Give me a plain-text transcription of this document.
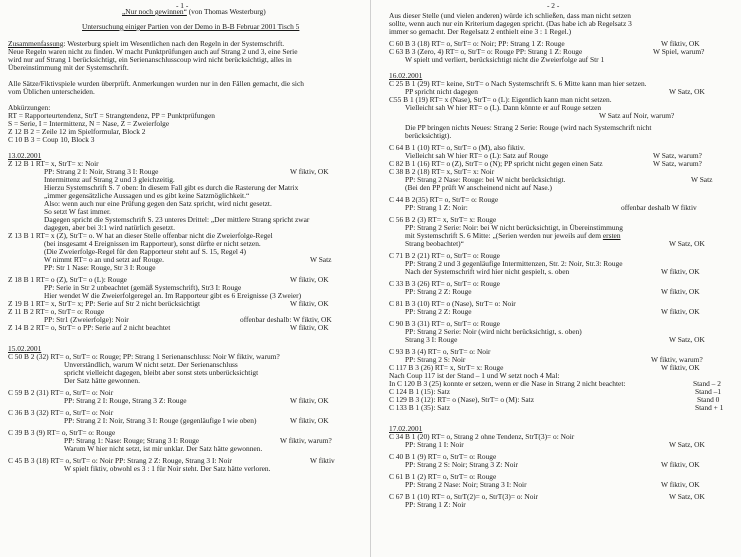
- 1 -
„Nur noch gewinnen“ (von Thomas Westerburg)
Untersuchung einiger Partien von der Demo in B-B Februar 2001 Tisch 5
Zusammenfassung: Westerburg spielt im Wesentlichen nach den Regeln in der Systemschrift.
Neue Regeln waren nicht zu finden. W macht Punktprüfungen auch auf Strang 2 und 3, eine Serie
wird nur auf Strang 1 berücksichtigt, ein Serienanschlusscoup wird nicht berücksichtigt, alles in
Übereinstimmung mit der Systemschrift.
Alle Sätze/Fiktivspiele wurden überprüft. Anmerkungen wurden nur in den Fällen gemacht, die sich
vom Üblichen unterscheiden.
Abkürzungen:
RT = Rapporteurtendenz, StrT = Strangtendenz, PP = Punktprüfungen
S = Serie, I = Intermittenz, N = Nase, Z = Zweierfolge
Z 12 B 2 = Zeile 12 im Spielformular, Block 2
C 10 B 3 = Coup 10, Block 3
13.02.2001
Z 12 B 1 RT= x, StrT= x: Noir
PP: Strang 2 I: Noir, Strang 3 I: Rouge	W fiktiv, OK
Intermittenz auf Strang 2 und 3 gleichzeitig.
Hierzu Systemschrift S. 7 oben: In diesem Fall gibt es durch die Rasterung der Matrix
„immer gegensätzliche Aussagen und es gibt keine Satzmöglichkeit.“
Also: wenn auch nur eine Prüfung gegen den Satz spricht, wird nicht gesetzt.
So setzt W fast immer.
Dagegen spricht die Systemschrift S. 23 unteres Drittel: „Der mittlere Strang spricht zwar
dagegen, aber bei 3:1 wird natürlich gesetzt.
Z 13 B 1 RT= x (Z), StrT= o. W hat an dieser Stelle offenbar nicht die Zweierfolge-Regel
(bei insgesamt 4 Ereignissen im Rapporteur), sonst dürfte er nicht setzen.
(Die Zweierfolge-Regel für den Rapporteur steht auf S. 15, Regel 4)
W nimmt RT= o an und setzt auf Rouge.	W Satz
PP: Str 1 Nase: Rouge, Str 3 I: Rouge
Z 18 B 1 RT= o (Z), StrT= o (L): Rouge	W fiktiv, OK
PP: Serie in Str 2 unbeachtet (gemäß Systemschrift), Str3 I: Rouge
Hier wendet W die Zweierfolgeregel an. Im Rapporteur gibt es 6 Ereignisse (3 Zweier)
Z 19 B 1 RT= x, StrT= x; PP: Serie auf Str 2 nicht berücksichtigt	W fiktiv, OK
Z 11 B 2 RT= o, StrT= o: Rouge
PP: Str1 (Zweierfolge): Noir	offenbar deshalb: W fiktiv, OK
Z 14 B 2 RT= o, StrT= o PP: Serie auf 2 nicht beachtet	W fiktiv, OK
15.02.2001
C 50 B 2 (32) RT= o, StrT= o: Rouge; PP: Strang 1 Serienanschluss: Noir W fiktiv, warum?
Unverständlich, warum W nicht setzt. Der Serienanschluss
spricht vielleicht dagegen, bleibt aber sonst stets unberücksichtigt
Der Satz hätte gewonnen.
C 59 B 2 (31) RT= o, StrT= o: Noir
PP: Strang 2 I: Rouge, Strang 3 Z: Rouge	W fiktiv, OK
C 36 B 3 (32) RT= o, StrT= o: Noir
PP: Strang 2 I: Noir, Strang 3 I: Rouge (gegenläufige I wie oben)	W fiktiv, OK
C 39 B 3 (9) RT= o, StrT= o: Rouge
PP: Strang 1: Nase: Rouge; Strang 3 I: Rouge	W fiktiv, warum?
Warum W hier nicht setzt, ist mir unklar. Der Satz hätte gewonnen.
C 45 B 3 (18) RT= o, StrT= o: Noir PP: Strang 2 Z: Rouge, Strang 3 I: Noir	W fiktiv
W spielt fiktiv, obwohl es 3 : 1 für Noir steht. Der Satz hätte verloren.
- 2 -
Aus dieser Stelle (und vielen anderen) würde ich schließen, dass man nicht setzen
sollte, wenn auch nur ein Kriterium dagegen spricht. (Das habe ich ab Regelsatz 3
immer so gemacht. Der Regelsatz 2 enthielt eine 3 : 1 Regel.)
C 60 B 3 (18) RT= o, StrT= o: Noir; PP: Strang 1 Z: Rouge	W fiktiv, OK
C 63 B 3 (Zero, 4) RT= o, StrT= o: Rouge PP: Strang 1 Z: Rouge	W Spiel, warum?
W spielt und verliert, berücksichtigt nicht die Zweierfolge auf Str 1
16.02.2001
C 25 B 1 (29) RT= keine, StrT= o Nach Systemschrift S. 6 Mitte kann man hier setzen.
PP spricht nicht dagegen	W Satz, OK
C55 B 1 (19) RT= x (Nase), StrT= o (L): Eigentlich kann man nicht setzen.
Vielleicht sah W hier RT= o (L). Dann könnte er auf Rouge setzen
W Satz auf Noir, warum?
Die PP bringen nichts Neues: Strang 2 Serie: Rouge (wird nach Systemschrift nicht
berücksichtigt).
C 64 B 1 (10) RT= o, StrT= o (M), also fiktiv.
Vielleicht sah W hier RT= o (L): Satz auf Rouge	W Satz, warum?
C 82 B 1 (16) RT= o (Z), StrT= o (N); PP spricht nicht gegen einen Satz	W Satz, warum?
C 38 B 2 (18) RT= x, StrT= x: Noir
PP: Strang 2 Nase: Rouge: bei W nicht berücksichtigt.	W Satz
(Bei den PP prüft W anscheinend nicht auf Nase.)
C 44 B 2(35) RT= o, StrT= o: Rouge
PP: Strang 1 Z: Noir:	offenbar deshalb W fiktiv
C 56 B 2 (3) RT= x, StrT= x: Rouge
PP: Strang 2 Serie: Noir: bei W nicht berücksichtigt, in Übereinstimmung
mit Systemschrift S. 6 Mitte: „(Serien werden nur jeweils auf dem ersten
Strang beobachtet)“	W Satz, OK
C 71 B 2 (21) RT= o, StrT= o: Rouge
PP: Strang 2 und 3 gegenläufige Intermittenzen, Str. 2: Noir, Str.3: Rouge
Nach der Systemschrift wird hier nicht gespielt, s. oben	W fiktiv, OK
C 33 B 3 (26) RT= o, StrT= o: Rouge
PP: Strang 2 Z: Rouge	W fiktiv, OK
C 81 B 3 (10) RT= o (Nase), StrT= o: Noir
PP: Strang 2 Z: Rouge	W fiktiv, OK
C 90 B 3 (31) RT= o, StrT= o: Rouge
PP: Strang 2 Serie: Noir (wird nicht berücksichtigt, s. oben)
Strang 3 I: Rouge	W Satz, OK
C 93 B 3 (4) RT= o, StrT= o: Noir
PP: Strang 2 S: Noir	W fiktiv, warum?
C 117 B 3 (26) RT= x, StrT= x: Rouge	W fiktiv, OK
Nach Coup 117 ist der Stand – 1 und W setzt noch 4 Mal:
In C 120 B 3 (25) konnte er setzen, wenn er die Nase in Strang 2 nicht beachtet:	Stand – 2
C 124 B 1 (15): Satz	Stand –1
C 129 B 3 (12): RT= o (Nase), StrT= o (M): Satz	Stand 0
C 133 B 1 (35): Satz	Stand + 1
17.02.2001
C 34 B 1 (20) RT= o, Strang 2 ohne Tendenz, StrT(3)= o: Noir
PP: Strang 1 I: Noir	W Satz, OK
C 40 B 1 (9) RT= o, StrT= o: Rouge
PP: Strang 2 S: Noir; Strang 3 Z: Noir	W fiktiv, OK
C 61 B 1 (2) RT= o, StrT= o: Rouge
PP: Strang 2 Nase: Noir; Strang 3 I: Noir	W fiktiv, OK
C 67 B 1 (10) RT= o, StrT(2)= o, StrT(3)= o: Noir	W Satz, OK
PP: Strang 1 Z: Noir
